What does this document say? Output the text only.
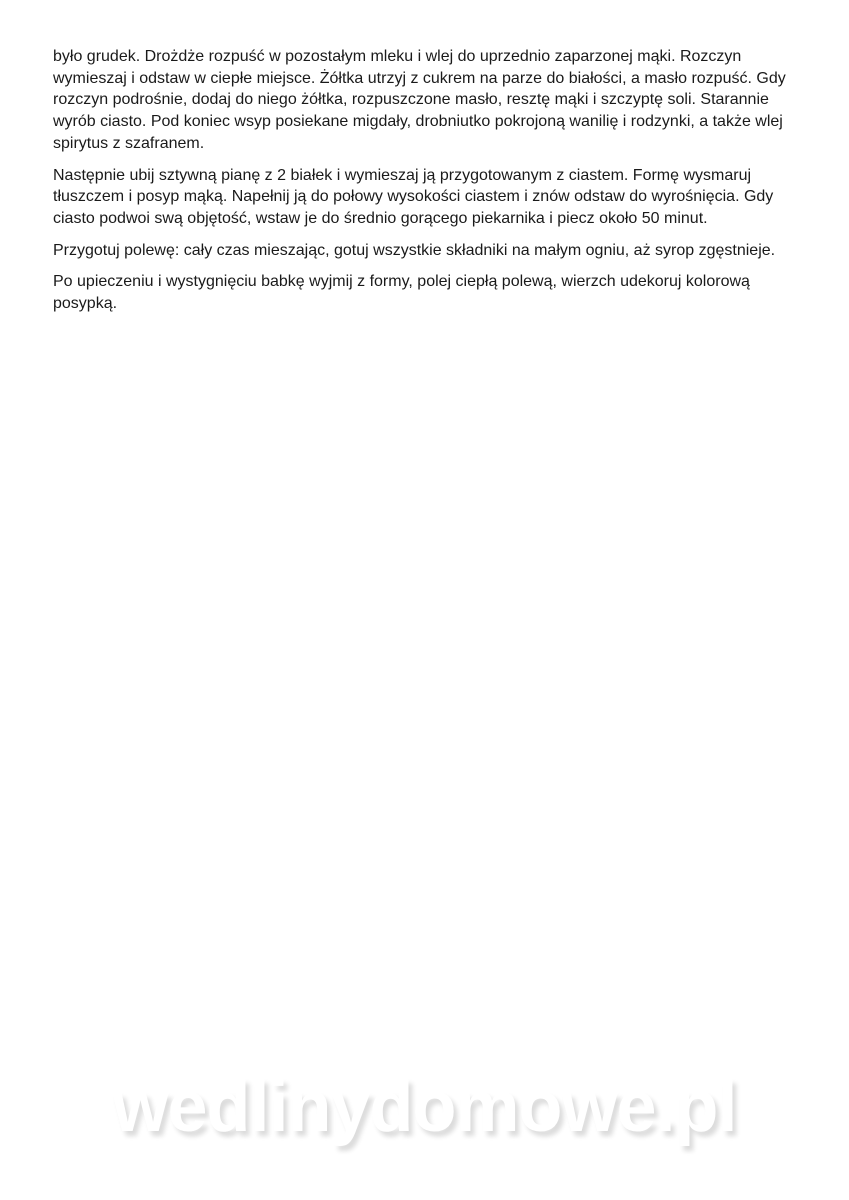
było grudek. Drożdże rozpuść w pozostałym mleku i wlej do uprzednio zaparzonej mąki. Rozczyn wymieszaj i odstaw w ciepłe miejsce. Żółtka utrzyj z cukrem na parze do białości, a masło rozpuść. Gdy rozczyn podrośnie, dodaj do niego żółtka, rozpuszczone masło, resztę mąki i szczyptę soli. Starannie wyrób ciasto. Pod koniec wsyp posiekane migdały, drobniutko pokrojoną wanilię i rodzynki, a także wlej spirytus z szafranem.

Następnie ubij sztywną pianę z 2 białek i wymieszaj ją przygotowanym z ciastem. Formę wysmaruj tłuszczem i posyp mąką. Napełnij ją do połowy wysokości ciastem i znów odstaw do wyrośnięcia. Gdy ciasto podwoi swą objętość, wstaw je do średnio gorącego piekarnika i piecz około 50 minut.

Przygotuj polewę: cały czas mieszając, gotuj wszystkie składniki na małym ogniu, aż syrop zgęstnieje.

Po upieczeniu i wystygnięciu babkę wyjmij z formy, polej ciepłą polewą, wierzch udekoruj kolorową posypką.

wedlinydomowe.pl
